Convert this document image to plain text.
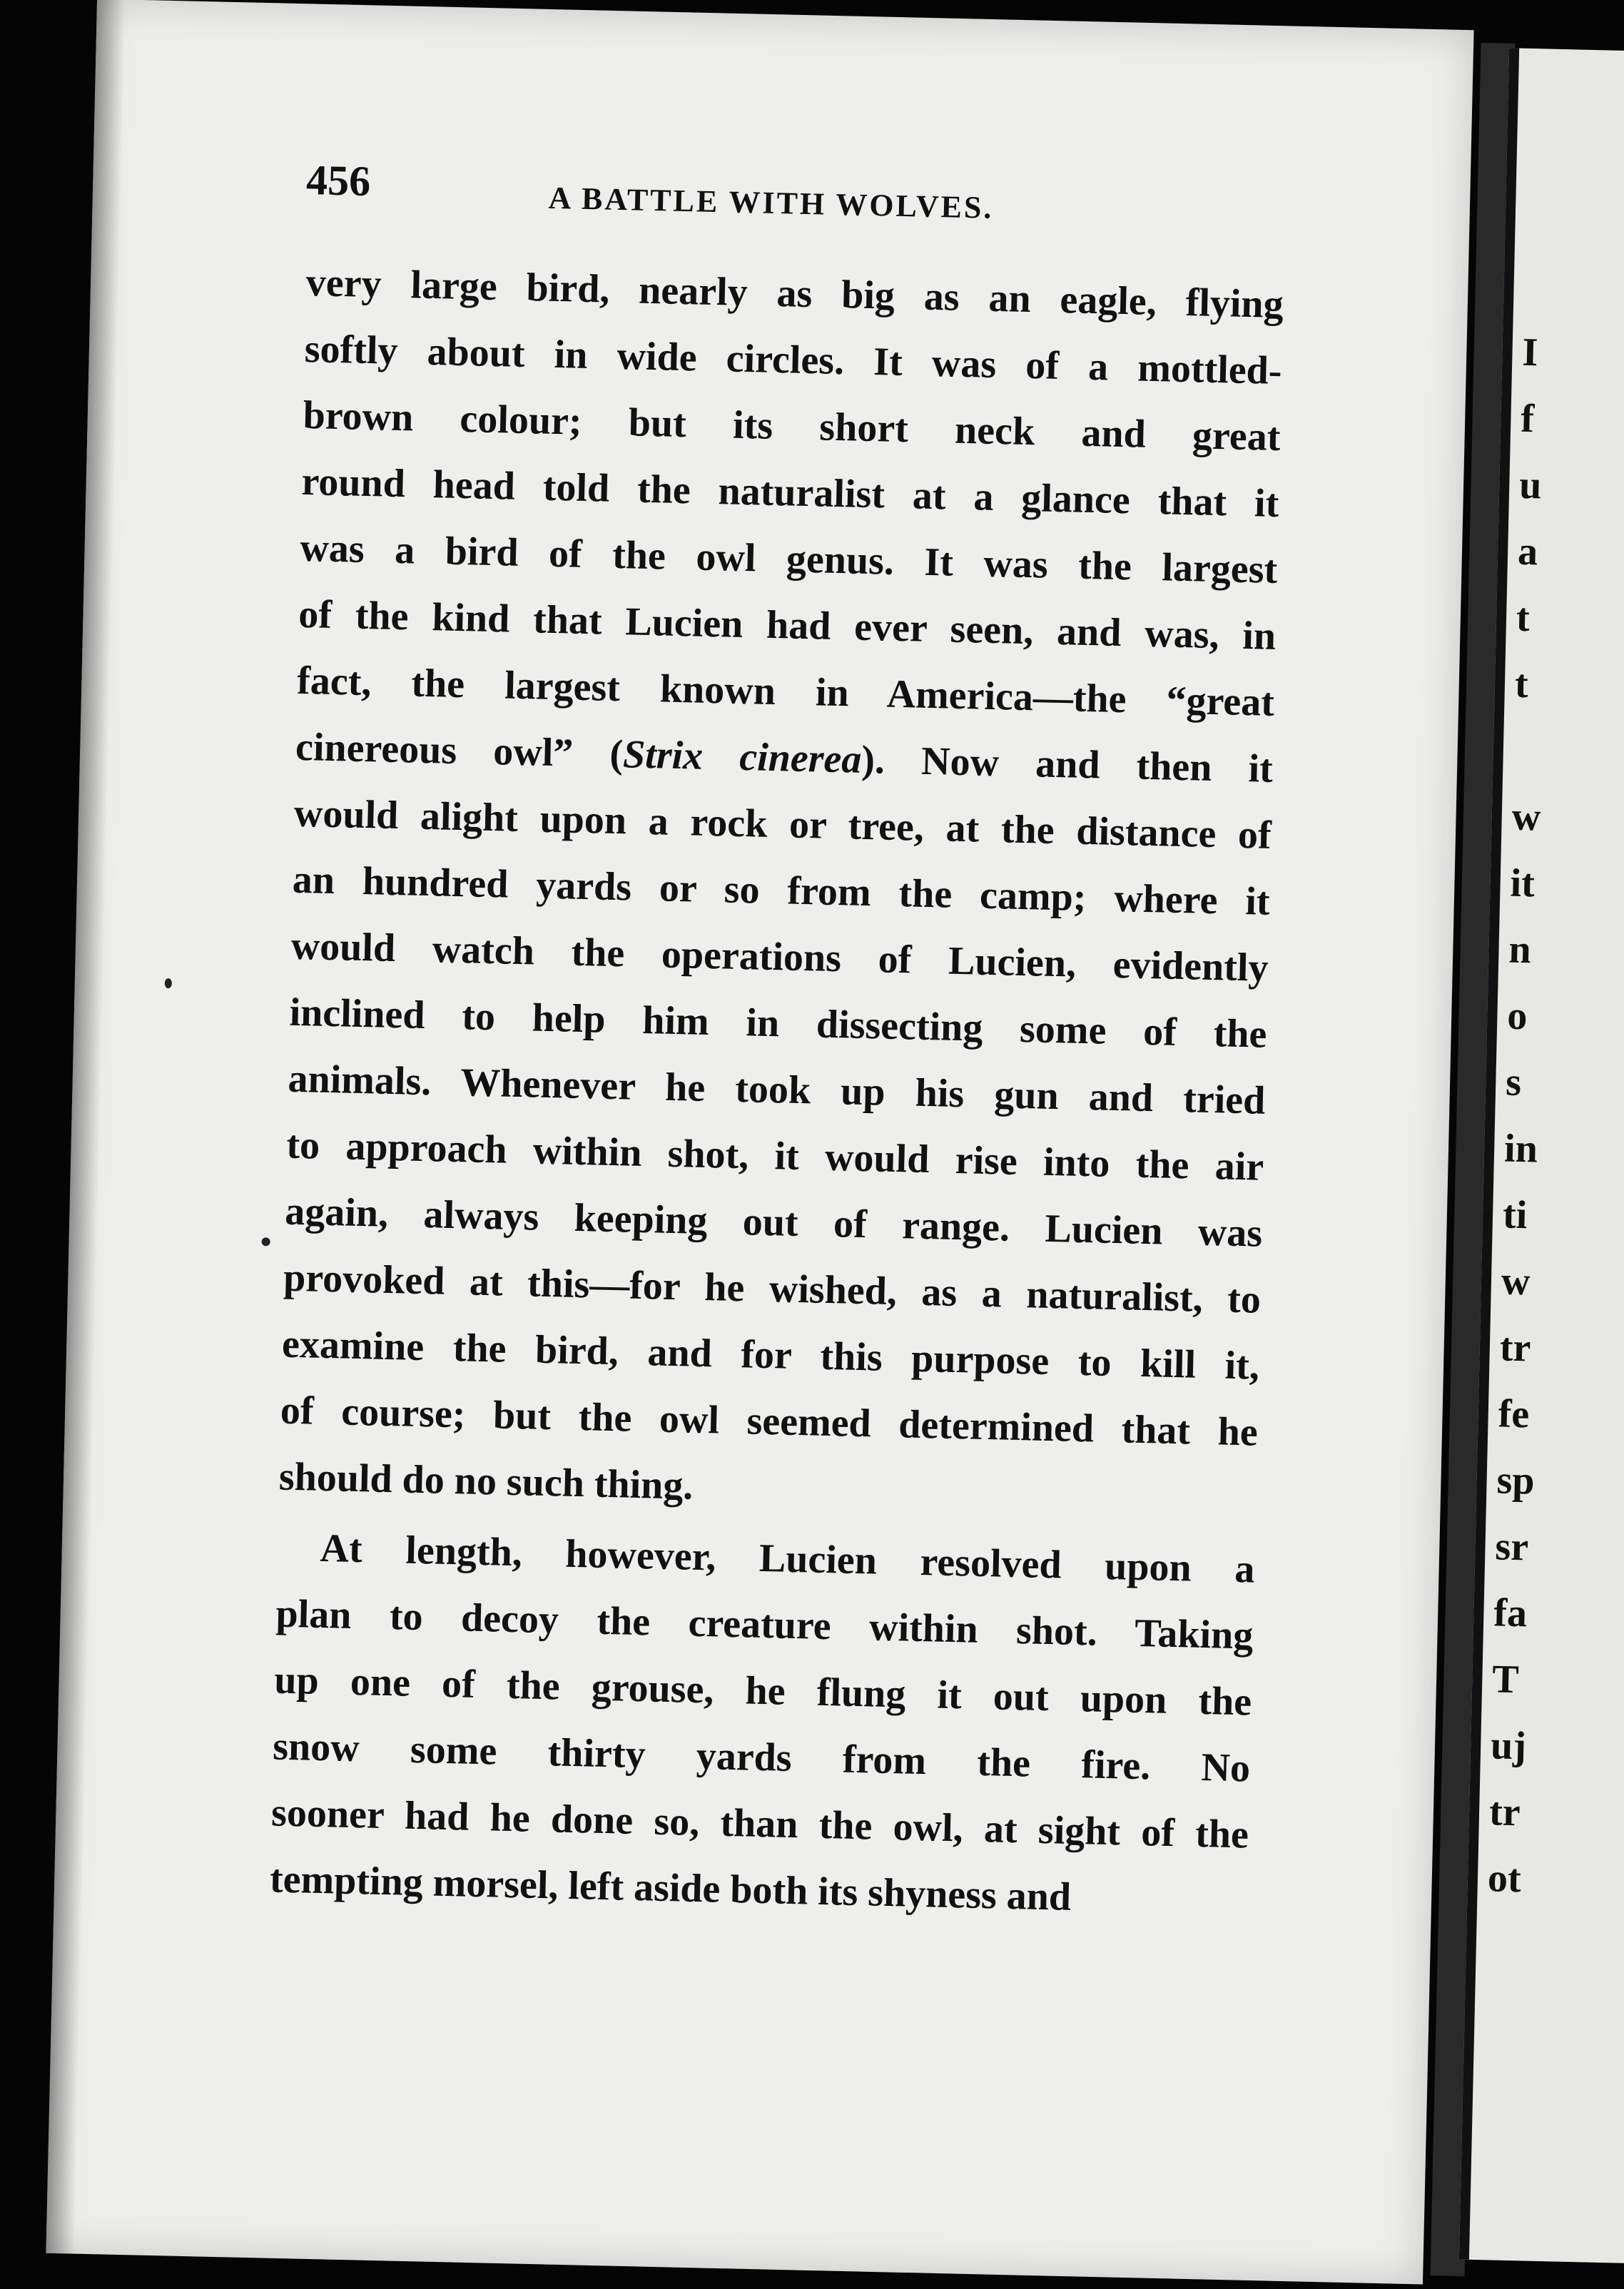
456	A BATTLE WITH WOLVES.
very large bird, nearly as big as an eagle, flying
softly about in wide circles. It was of a mottled-
brown colour; but its short neck and great
round head told the naturalist at a glance that it
was a bird of the owl genus. It was the largest
of the kind that Lucien had ever seen, and was, in
fact, the largest known in America—the “great
cinereous owl” (Strix cinerea). Now and then it
would alight upon a rock or tree, at the distance of
an hundred yards or so from the camp; where it
would watch the operations of Lucien, evidently
inclined to help him in dissecting some of the
animals. Whenever he took up his gun and tried
to approach within shot, it would rise into the air
again, always keeping out of range. Lucien was
provoked at this—for he wished, as a naturalist, to
examine the bird, and for this purpose to kill it,
of course; but the owl seemed determined that he
should do no such thing.
At length, however, Lucien resolved upon a
plan to decoy the creature within shot. Taking
up one of the grouse, he flung it out upon the
snow some thirty yards from the fire. No
sooner had he done so, than the owl, at sight of the
tempting morsel, left aside both its shyness and
I
f
u
a
t
t
w
it
n
o
s
in
ti
w
tr
fe
sp
sr
fa
T
uj
tr
ot
